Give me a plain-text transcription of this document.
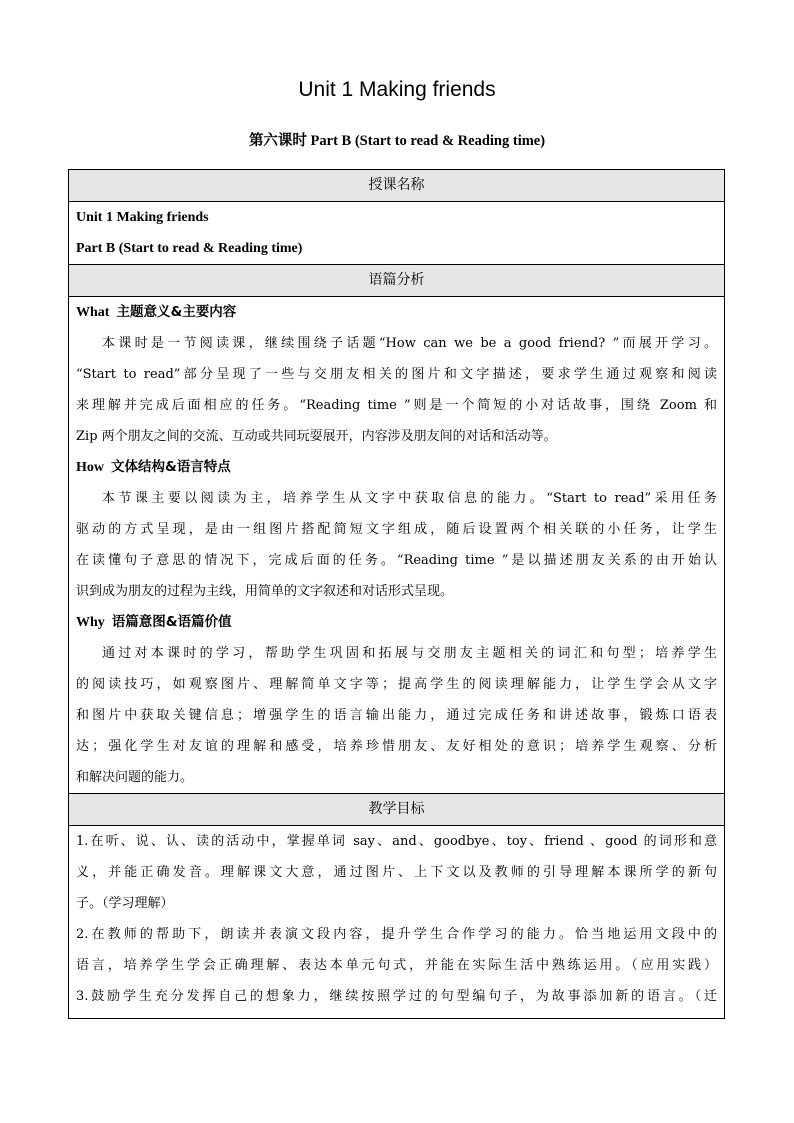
Unit 1 Making friends
第六课时 Part B (Start to read & Reading time)
授课名称
Unit 1 Making friends
Part B (Start to read & Reading time)
语篇分析
What 主题意义&主要内容
本课时是一节阅读课，继续围绕子话题“How can we be a good friend? ”而展开学习。
“Start to read”部分呈现了一些与交朋友相关的图片和文字描述，要求学生通过观察和阅读
来理解并完成后面相应的任务。“Reading time ”则是一个简短的小对话故事，围绕 Zoom 和
Zip 两个朋友之间的交流、互动或共同玩耍展开，内容涉及朋友间的对话和活动等。
How 文体结构&语言特点
本节课主要以阅读为主，培养学生从文字中获取信息的能力。“Start to read”采用任务
驱动的方式呈现，是由一组图片搭配简短文字组成，随后设置两个相关联的小任务，让学生
在读懂句子意思的情况下，完成后面的任务。“Reading time ”是以描述朋友关系的由开始认
识到成为朋友的过程为主线，用简单的文字叙述和对话形式呈现。
Why 语篇意图&语篇价值
通过对本课时的学习，帮助学生巩固和拓展与交朋友主题相关的词汇和句型；培养学生
的阅读技巧，如观察图片、理解简单文字等；提高学生的阅读理解能力，让学生学会从文字
和图片中获取关键信息；增强学生的语言输出能力，通过完成任务和讲述故事，锻炼口语表
达；强化学生对友谊的理解和感受，培养珍惜朋友、友好相处的意识；培养学生观察、分析
和解决问题的能力。
教学目标
1.在听、说、认、读的活动中，掌握单词 say、and、goodbye、toy、friend 、good 的词形和意
义，并能正确发音。理解课文大意，通过图片、上下文以及教师的引导理解本课所学的新句
子。（学习理解）
2.在教师的帮助下，朗读并表演文段内容，提升学生合作学习的能力。恰当地运用文段中的
语言，培养学生学会正确理解、表达本单元句式，并能在实际生活中熟练运用。（应用实践）
3.鼓励学生充分发挥自己的想象力，继续按照学过的句型编句子，为故事添加新的语言。（迁
